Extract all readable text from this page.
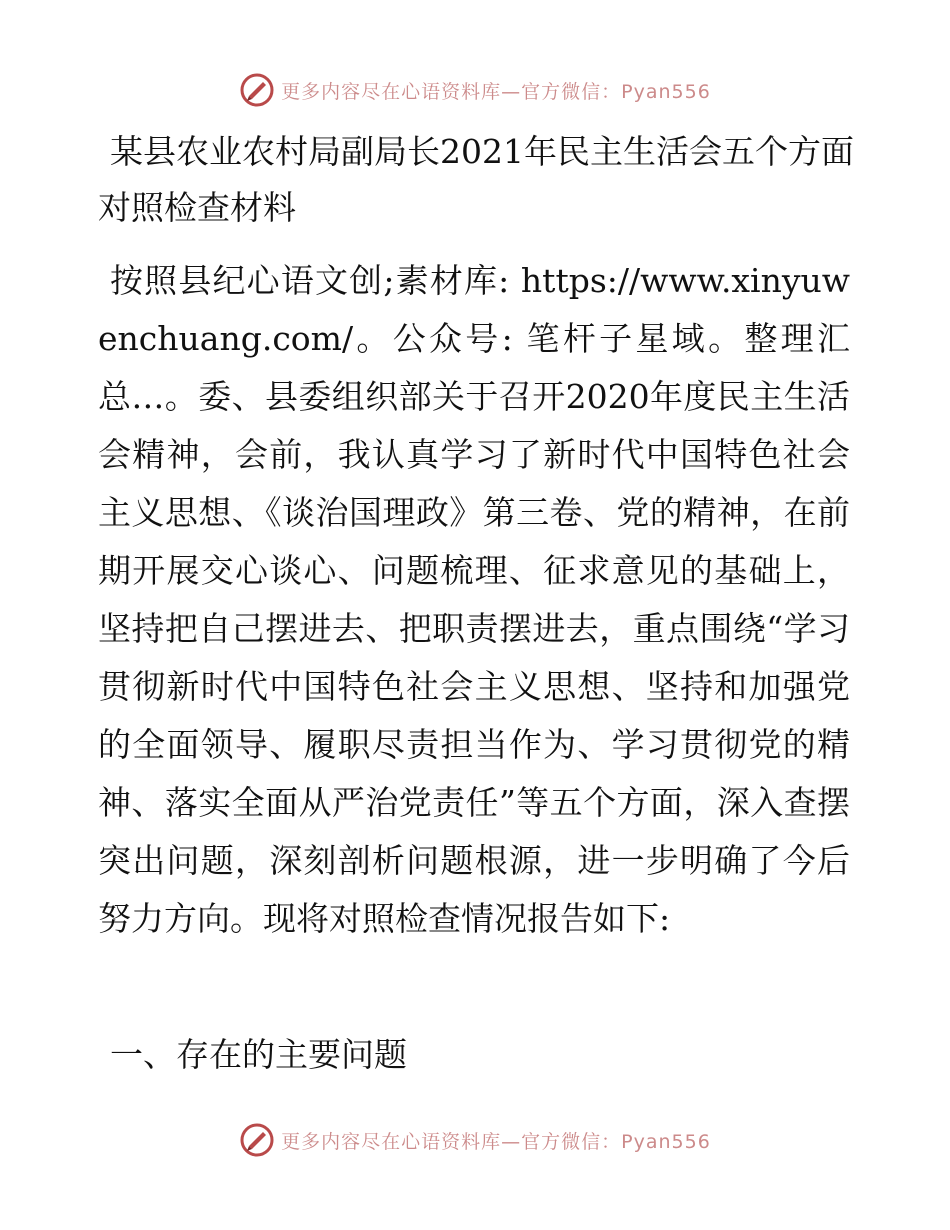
更多内容尽在心语资料库—官方微信：Pyan556
某县农业农村局副局长2021年民主生活会五个方面对照检查材料

按照县纪心语文创;素材库: https://www.xinyuwenchuang.com/。公众号: 笔杆子星域。整理汇总…。委、县委组织部关于召开2020年度民主生活会精神，会前，我认真学习了新时代中国特色社会主义思想、《谈治国理政》第三卷、党的精神，在前期开展交心谈心、问题梳理、征求意见的基础上，坚持把自己摆进去、把职责摆进去，重点围绕“学习贯彻新时代中国特色社会主义思想、坚持和加强党的全面领导、履职尽责担当作为、学习贯彻党的精神、落实全面从严治党责任”等五个方面，深入查摆突出问题，深刻剖析问题根源，进一步明确了今后努力方向。现将对照检查情况报告如下:

一、存在的主要问题
更多内容尽在心语资料库—官方微信：Pyan556
